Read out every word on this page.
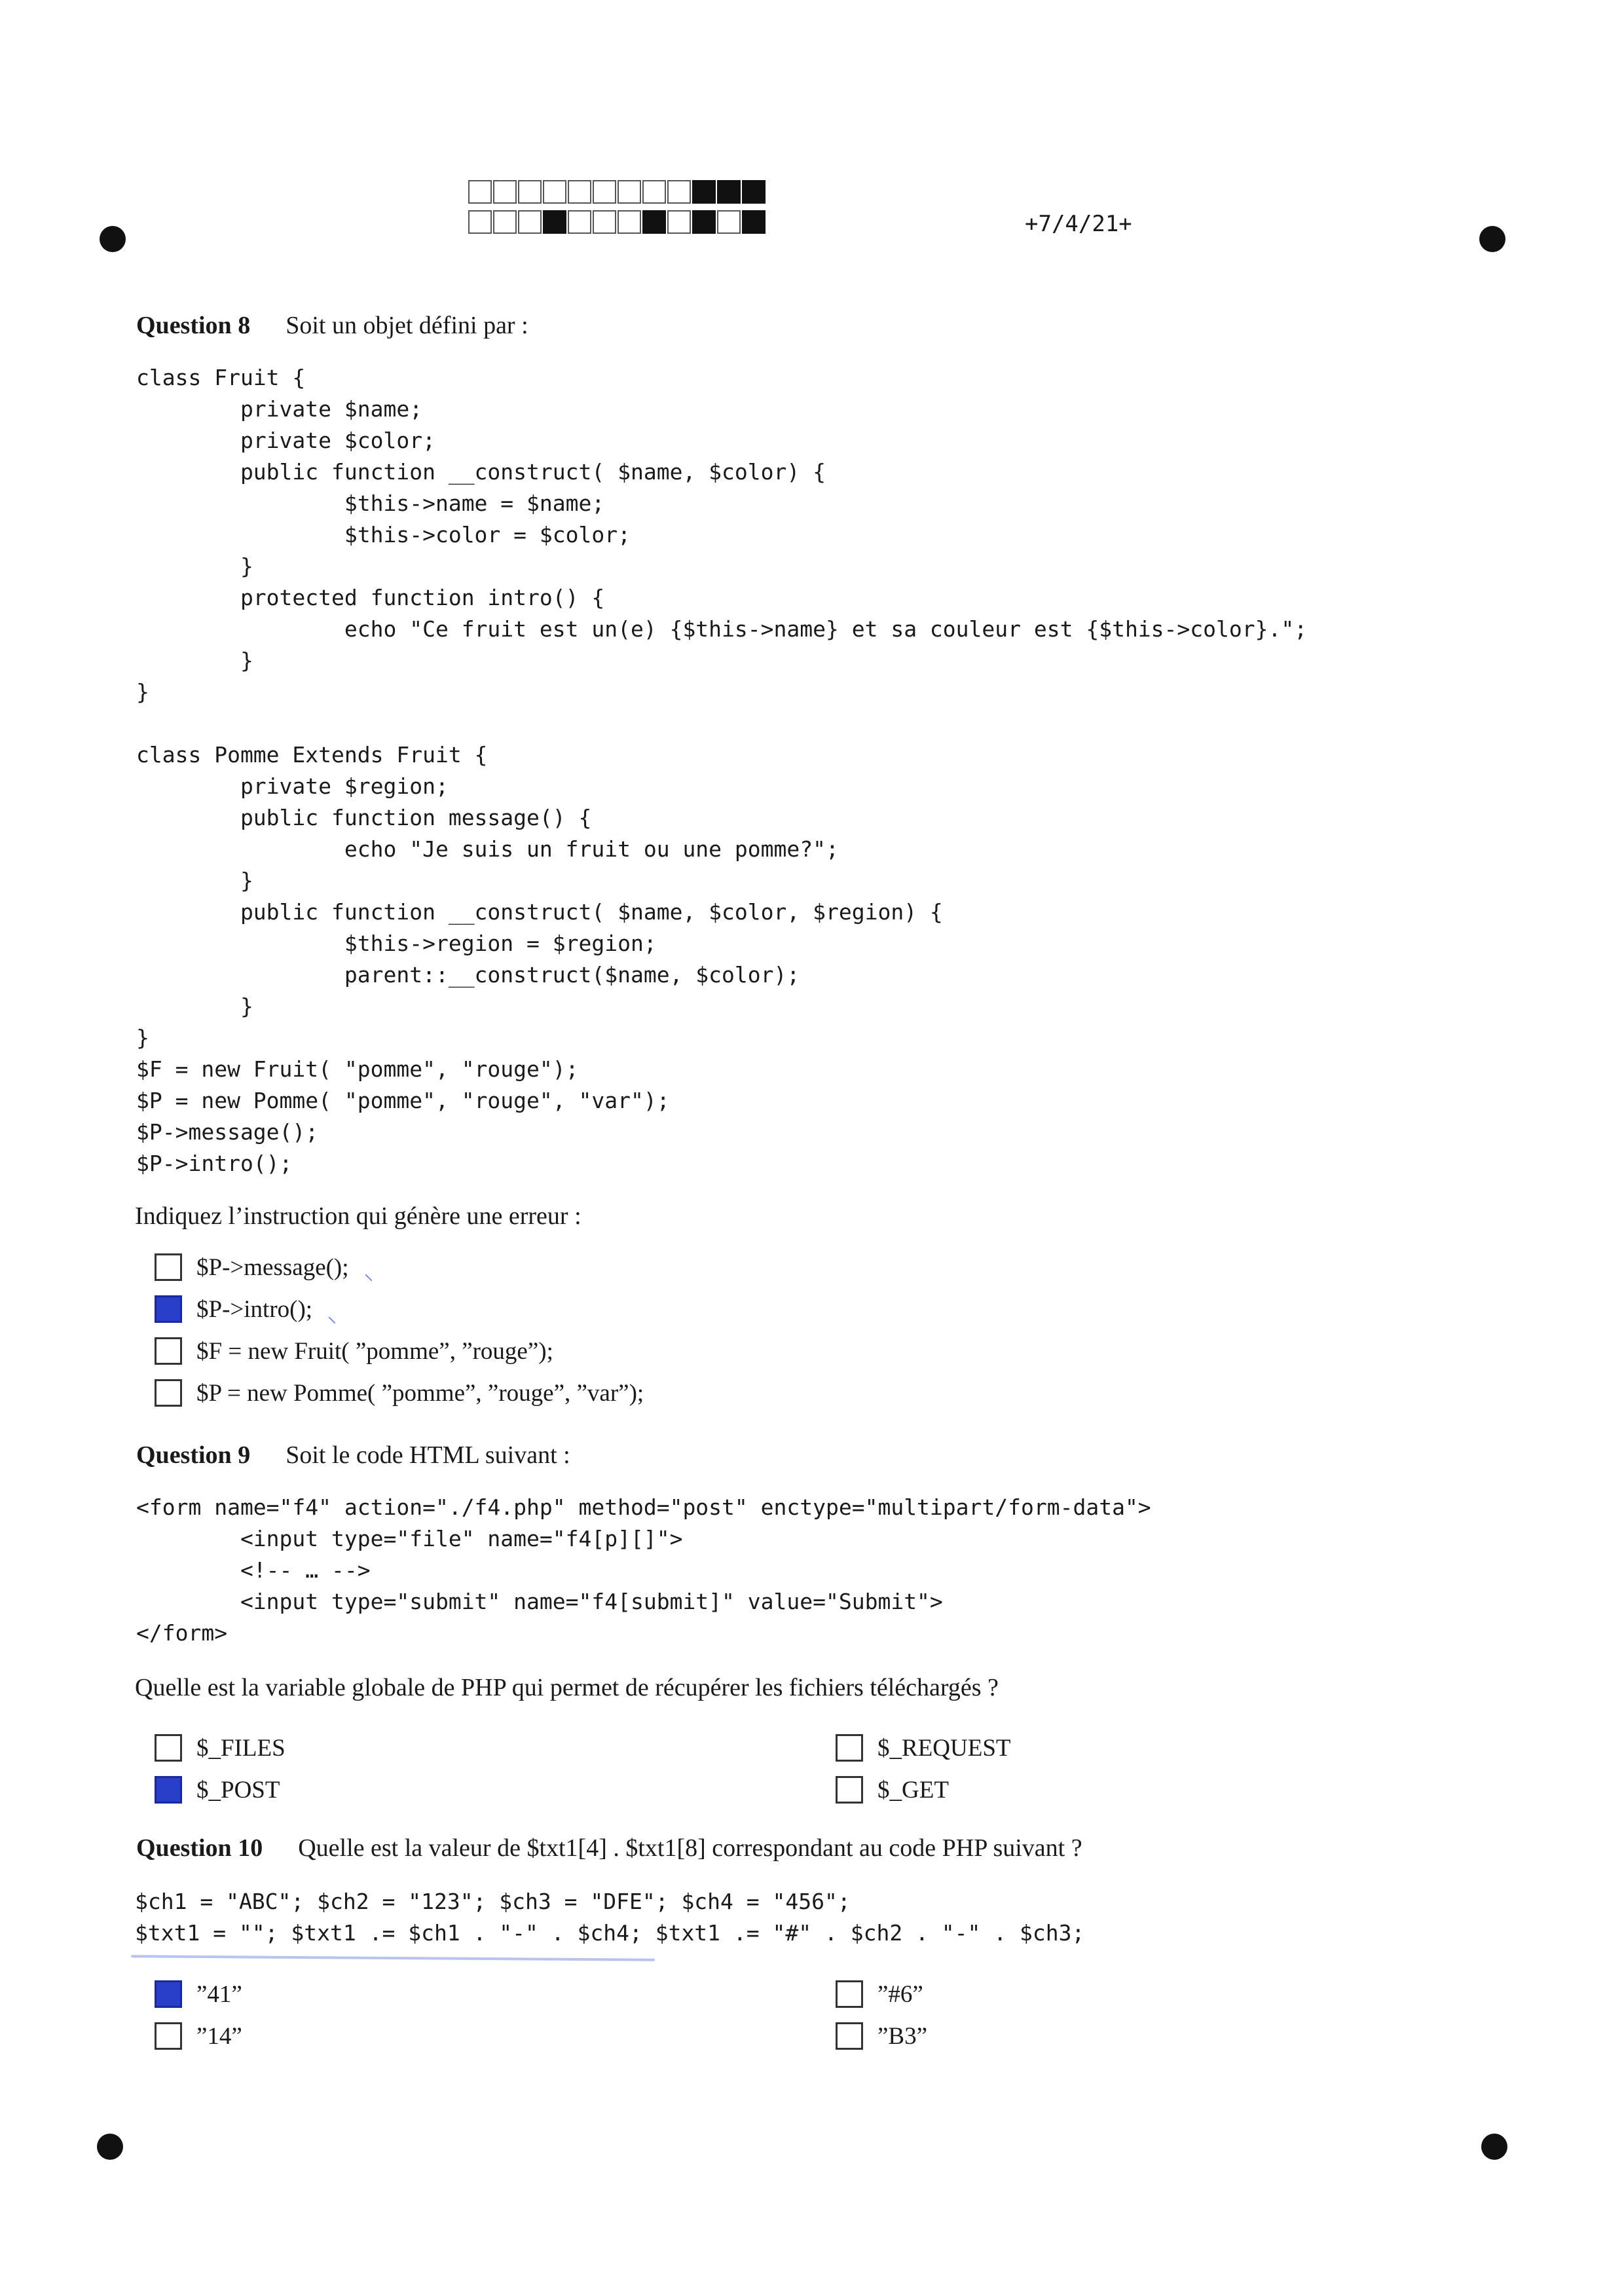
+7/4/21+
Question 8 Soit un objet défini par :
class Fruit {
private $name;
private $color;
public function __construct( $name, $color) {
$this->name = $name;
$this->color = $color;
}
protected function intro() {
echo "Ce fruit est un(e) {$this->name} et sa couleur est {$this->color}.";
}
}

class Pomme Extends Fruit {
private $region;
public function message() {
echo "Je suis un fruit ou une pomme?";
}
public function __construct( $name, $color, $region) {
$this->region = $region;
parent::__construct($name, $color);
}
}
$F = new Fruit( "pomme", "rouge");
$P = new Pomme( "pomme", "rouge", "var");
$P->message();
$P->intro();
Indiquez l’instruction qui génère une erreur :
$P->message();
$P->intro();
$F = new Fruit( ”pomme”, ”rouge”);
$P = new Pomme( ”pomme”, ”rouge”, ”var”);
⸜
⸜
Question 9 Soit le code HTML suivant :
<form name="f4" action="./f4.php" method="post" enctype="multipart/form-data">
<input type="file" name="f4[p][]">
<!-- … -->
<input type="submit" name="f4[submit]" value="Submit">
</form>
Quelle est la variable globale de PHP qui permet de récupérer les fichiers téléchargés ?
$_FILES
$_POST
$_REQUEST
$_GET
Question 10 Quelle est la valeur de $txt1[4] . $txt1[8] correspondant au code PHP suivant ?
$ch1 = "ABC"; $ch2 = "123"; $ch3 = "DFE"; $ch4 = "456";
$txt1 = ""; $txt1 .= $ch1 . "-" . $ch4; $txt1 .= "#" . $ch2 . "-" . $ch3;
”41”
”14”
”#6”
”B3”
